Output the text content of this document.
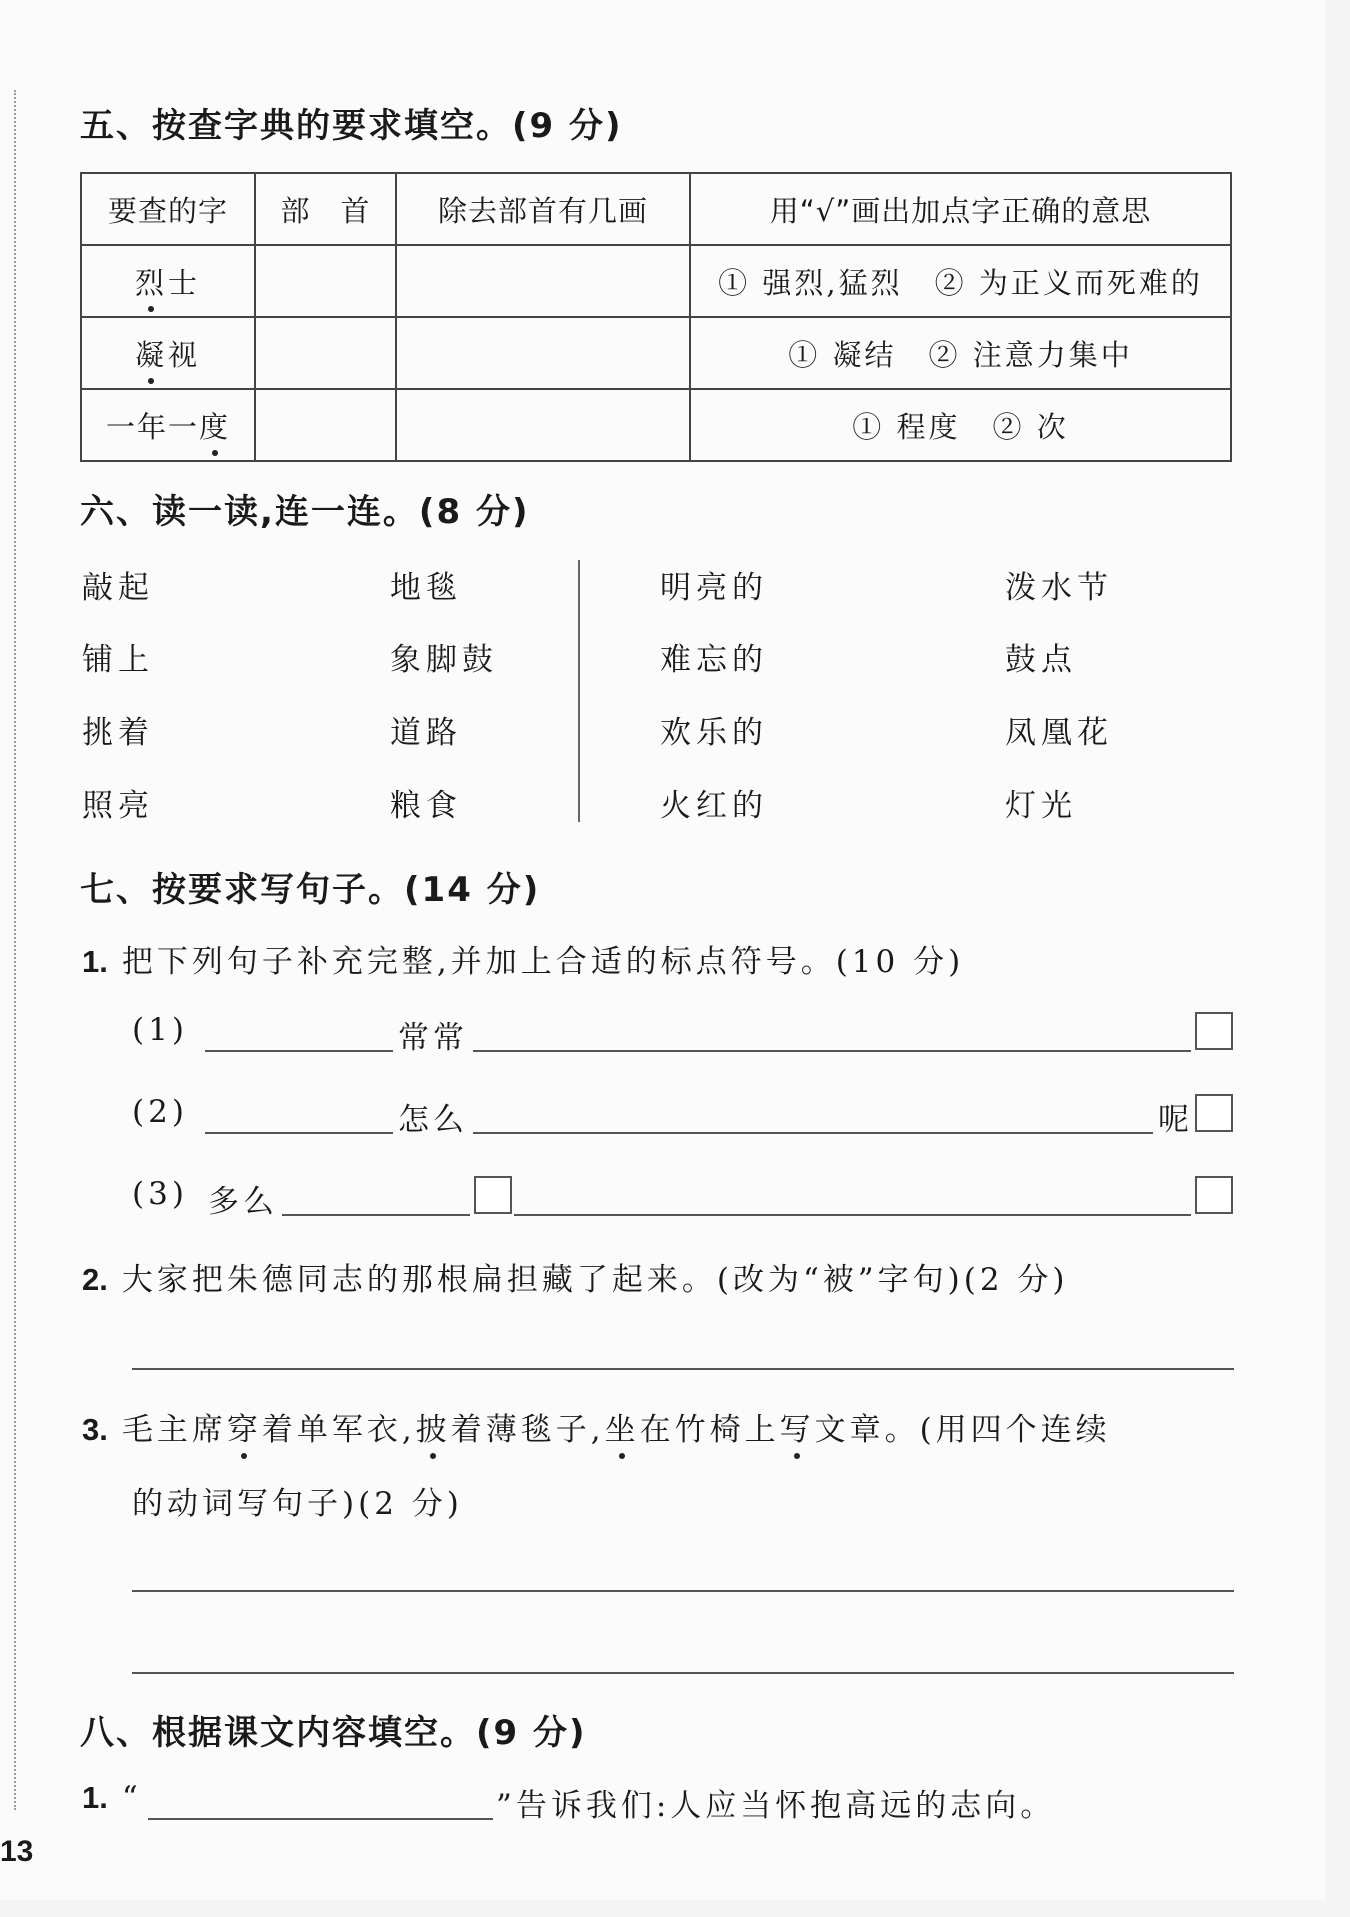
五、按查字典的要求填空。(9 分)
要查的字	部　首	除去部首有几画	用“√”画出加点字正确的意思
烈士			① 强烈,猛烈　② 为正义而死难的
凝视			① 凝结　② 注意力集中
一年一度			① 程度　② 次
六、读一读,连一连。(8 分)
敲起
铺上
挑着
照亮
地毯
象脚鼓
道路
粮食
明亮的
难忘的
欢乐的
火红的
泼水节
鼓点
凤凰花
灯光
七、按要求写句子。(14 分)
1. 把下列句子补充完整,并加上合适的标点符号。(10 分)
(1)	常常
(2)	怎么	呢
(3) 多么
2. 大家把朱德同志的那根扁担藏了起来。(改为“被”字句)(2 分)
3. 毛主席穿着单军衣,披着薄毯子,坐在竹椅上写文章。(用四个连续
的动词写句子)(2 分)
八、根据课文内容填空。(9 分)
1. “	”告诉我们:人应当怀抱高远的志向。
13
